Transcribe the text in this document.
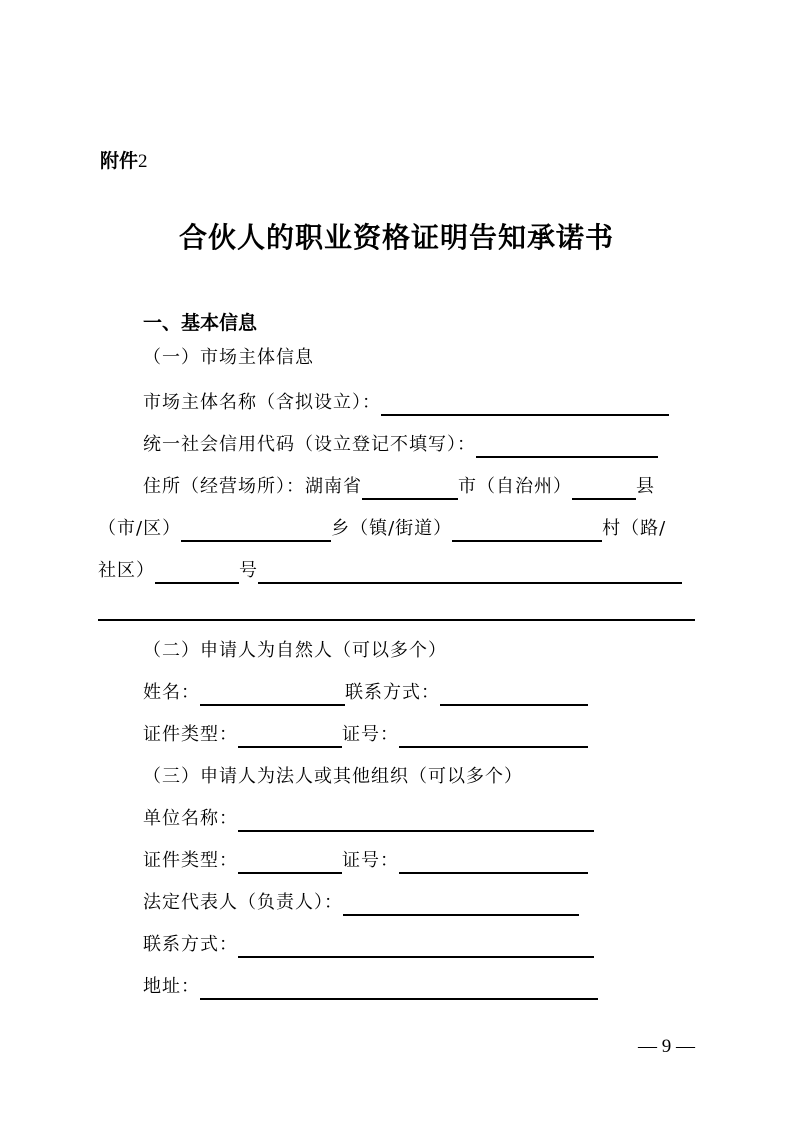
附件2
合伙人的职业资格证明告知承诺书
一、基本信息
（一）市场主体信息
市场主体名称（含拟设立）：
统一社会信用代码（设立登记不填写）：
住所（经营场所）：湖南省	市（自治州）	县
（市/区）	乡（镇/街道）	村（路/
社区）	号
（二）申请人为自然人（可以多个）
姓名：	联系方式：
证件类型：	证号：
（三）申请人为法人或其他组织（可以多个）
单位名称：
证件类型：	证号：
法定代表人（负责人）：
联系方式：
地址：
— 9 —
